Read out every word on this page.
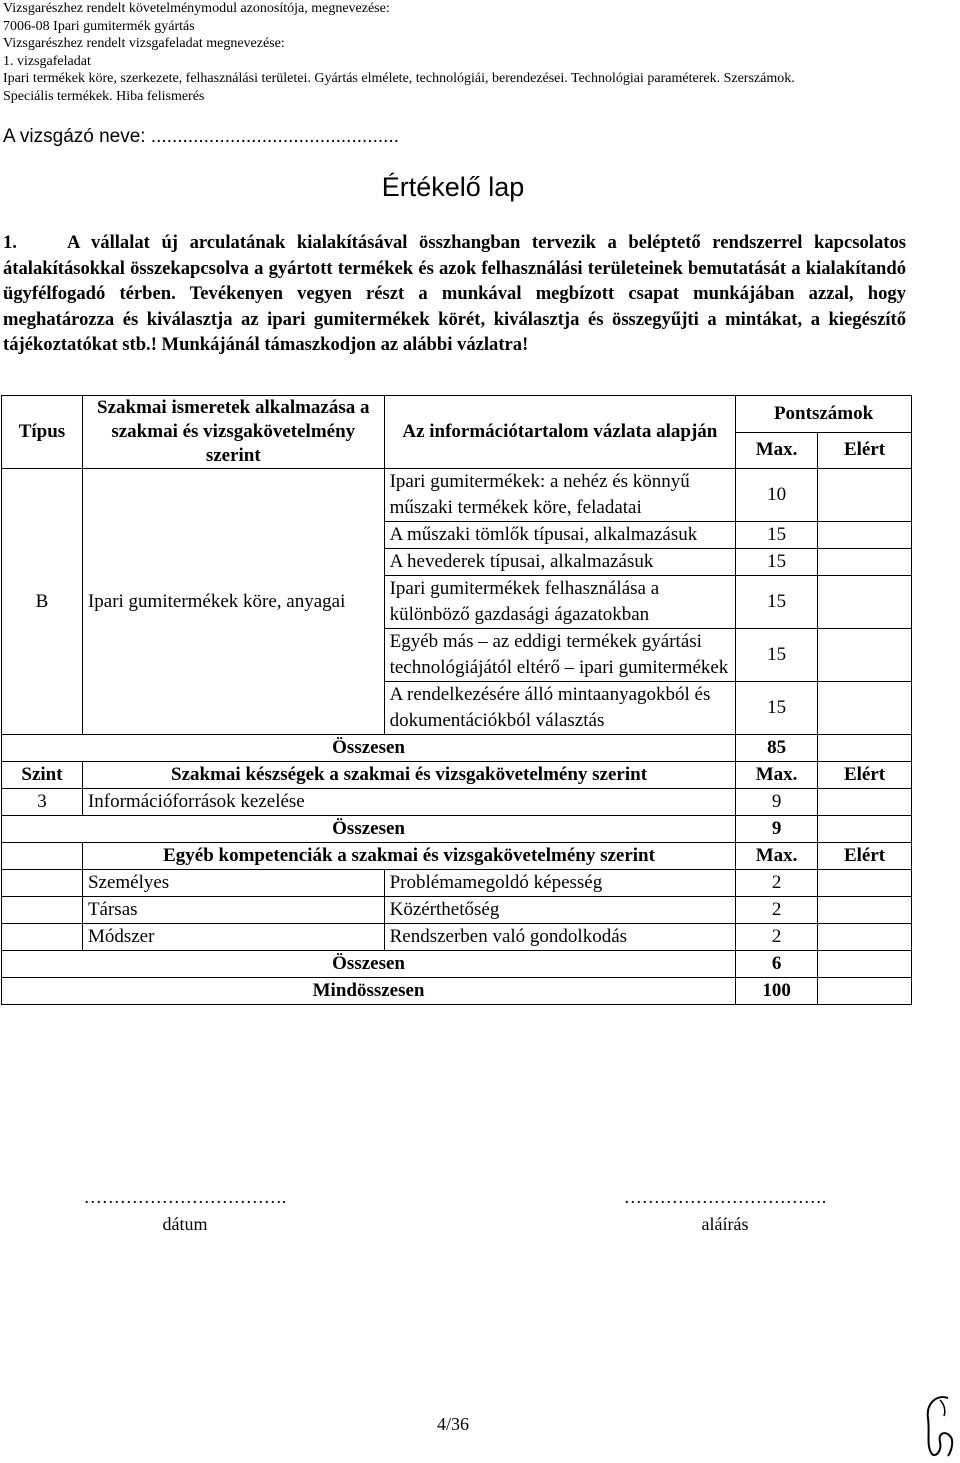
Vizsgarészhez rendelt követelménymodul azonosítója, megnevezése:
7006-08 Ipari gumitermék gyártás
Vizsgarészhez rendelt vizsgafeladat megnevezése:
1. vizsgafeladat
Ipari termékek köre, szerkezete, felhasználási területei. Gyártás elmélete, technológiái, berendezései. Technológiai paraméterek. Szerszámok.
Speciális termékek. Hiba felismerés
A vizsgázó neve: ...............................................
Értékelő lap
1.	A vállalat új arculatának kialakításával összhangban tervezik a beléptető rendszerrel kapcsolatos átalakításokkal összekapcsolva a gyártott termékek és azok felhasználási területeinek bemutatását a kialakítandó ügyfélfogadó térben. Tevékenyen vegyen részt a munkával megbízott csapat munkájában azzal, hogy meghatározza és kiválasztja az ipari gumitermékek körét, kiválasztja és összegyűjti a mintákat, a kiegészítő tájékoztatókat stb.! Munkájánál támaszkodjon az alábbi vázlatra!
Típus	Szakmai ismeretek alkalmazása a szakmai és vizsgakövetelmény szerint	Az információtartalom vázlata alapján	Pontszámok	
			Max.	Elért
B	Ipari gumitermékek köre, anyagai	Ipari gumitermékek: a nehéz és könnyű műszaki termékek köre, feladatai	10	
		A műszaki tömlők típusai, alkalmazásuk	15	
		A hevederek típusai, alkalmazásuk	15	
		Ipari gumitermékek felhasználása a különböző gazdasági ágazatokban	15	
		Egyéb más – az eddigi termékek gyártási technológiájától eltérő – ipari gumitermékek	15	
		A rendelkezésére álló mintaanyagokból és dokumentációkból választás	15	
Összesen			85	
Szint	Szakmai készségek a szakmai és vizsgakövetelmény szerint		Max.	Elért
3	Információforrások kezelése		9	
Összesen			9	
	Egyéb kompetenciák a szakmai és vizsgakövetelmény szerint		Max.	Elért
	Személyes	Problémamegoldó képesség	2	
	Társas	Közérthetőség	2	
	Módszer	Rendszerben való gondolkodás	2	
Összesen			6	
Mindösszesen			100	
…………………………….
dátum
…………………………….
aláírás
4/36
